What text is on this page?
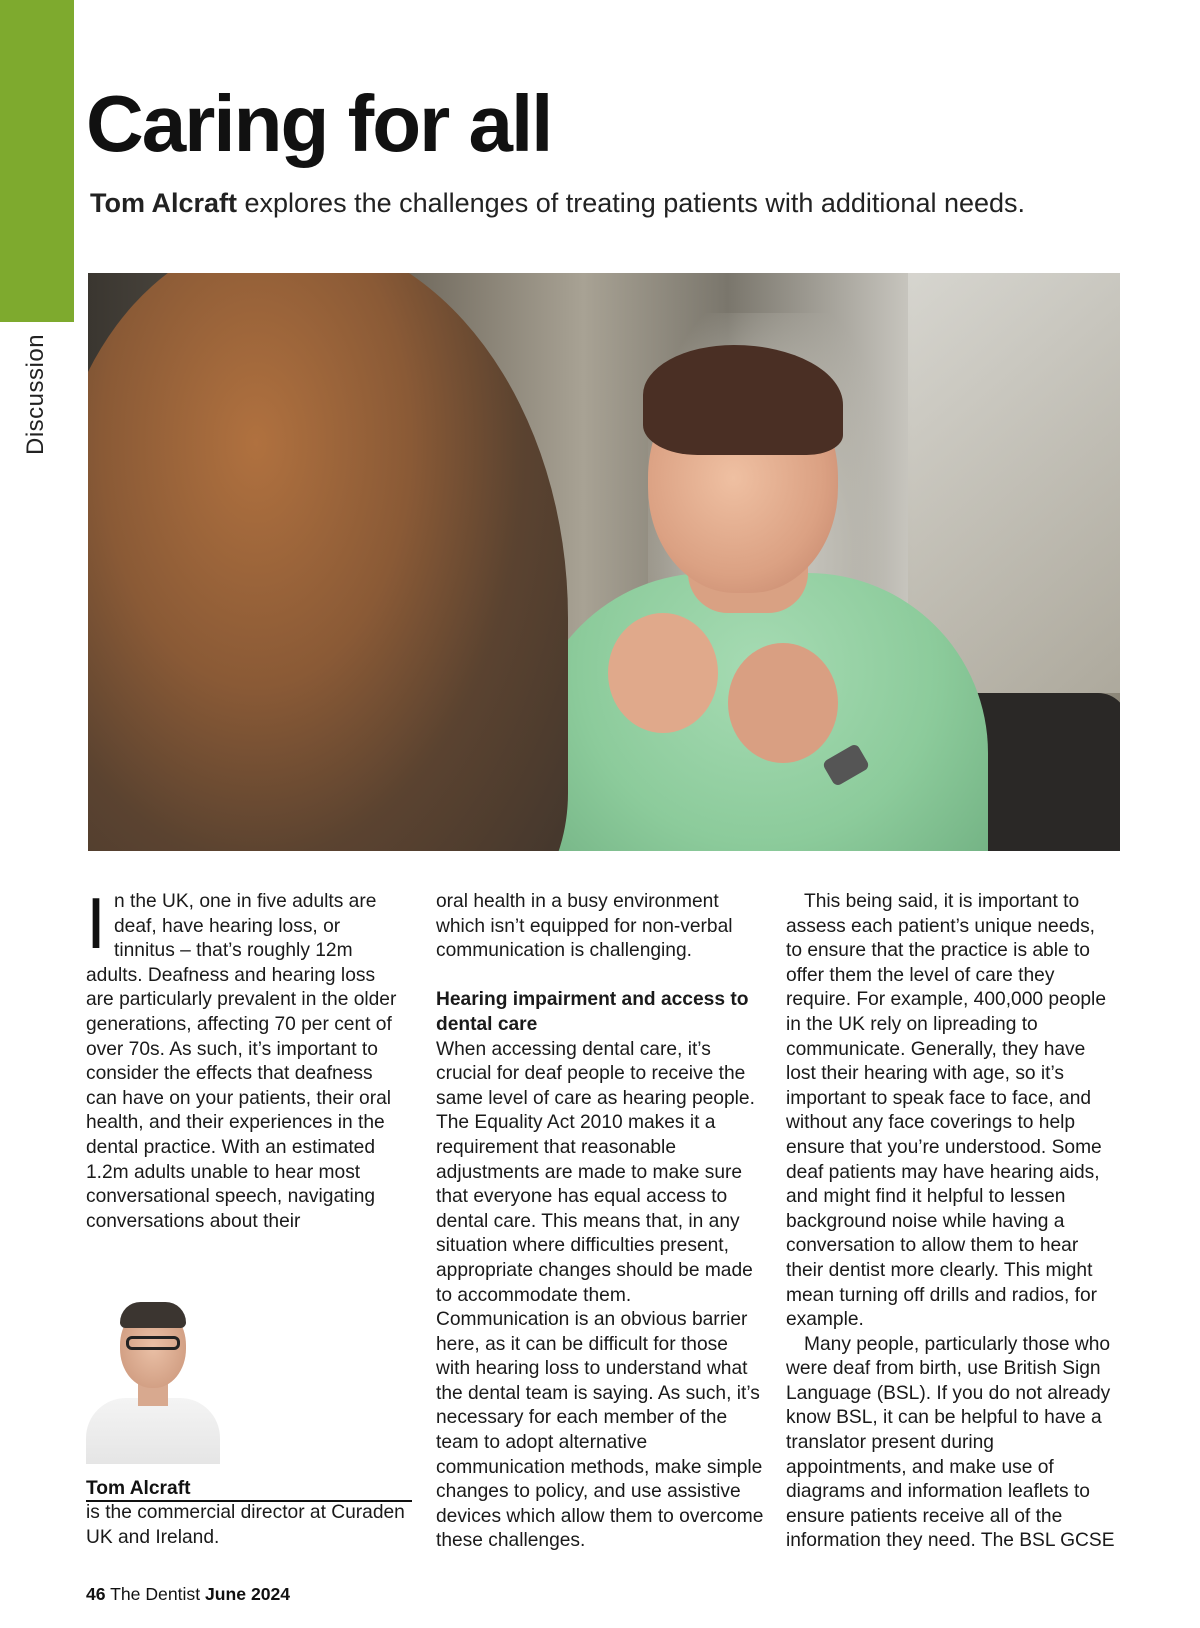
Discussion
Caring for all
Tom Alcraft explores the challenges of treating patients with additional needs.

In the UK, one in five adults are deaf, have hearing loss, or tinnitus – that’s roughly 12m adults. Deafness and hearing loss are particularly prevalent in the older generations, affecting 70 per cent of over 70s. As such, it’s important to consider the effects that deafness can have on your patients, their oral health, and their experiences in the dental practice. With an estimated 1.2m adults unable to hear most conversational speech, navigating conversations about their

oral health in a busy environment which isn’t equipped for non-verbal communication is challenging.

Hearing impairment and access to dental care

When accessing dental care, it’s crucial for deaf people to receive the same level of care as hearing people. The Equality Act 2010 makes it a requirement that reasonable adjustments are made to make sure that everyone has equal access to dental care. This means that, in any situation where difficulties present, appropriate changes should be made to accommodate them. Communication is an obvious barrier here, as it can be difficult for those with hearing loss to understand what the dental team is saying. As such, it’s necessary for each member of the team to adopt alternative communication methods, make simple changes to policy, and use assistive devices which allow them to overcome these challenges.

This being said, it is important to assess each patient’s unique needs, to ensure that the practice is able to offer them the level of care they require. For example, 400,000 people in the UK rely on lipreading to communicate. Generally, they have lost their hearing with age, so it’s important to speak face to face, and without any face coverings to help ensure that you’re understood. Some deaf patients may have hearing aids, and might find it helpful to lessen background noise while having a conversation to allow them to hear their dentist more clearly. This might mean turning off drills and radios, for example.

Many people, particularly those who were deaf from birth, use British Sign Language (BSL). If you do not already know BSL, it can be helpful to have a translator present during appointments, and make use of diagrams and information leaflets to ensure patients receive all of the information they need. The BSL GCSE

Tom Alcraft
is the commercial director at Curaden UK and Ireland.
46 The Dentist June 2024
